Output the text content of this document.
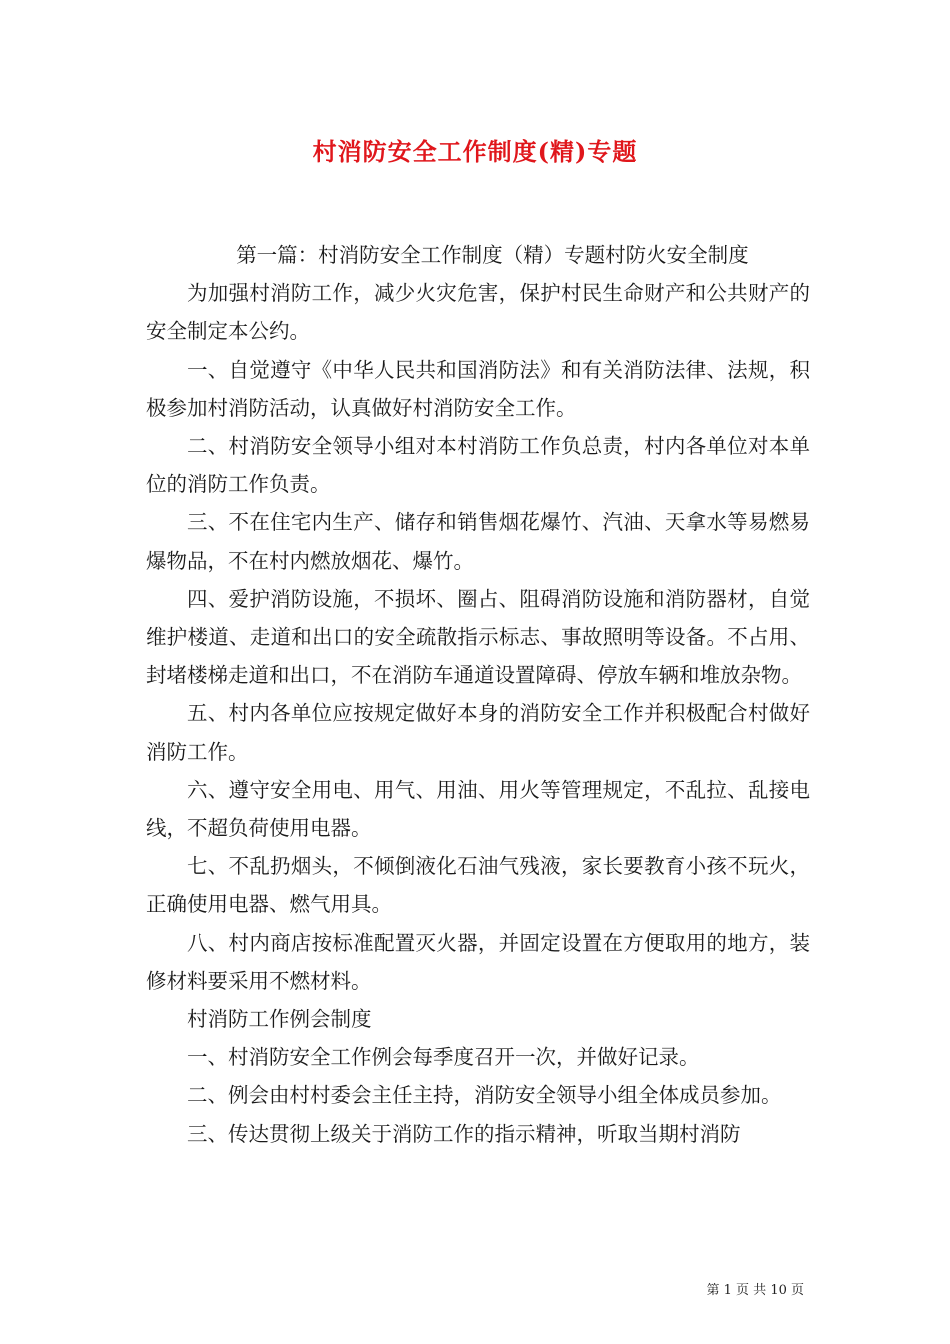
村消防安全工作制度(精)专题

第一篇：村消防安全工作制度（精）专题村防火安全制度

为加强村消防工作，减少火灾危害，保护村民生命财产和公共财产的安全制定本公约。

一、自觉遵守《中华人民共和国消防法》和有关消防法律、法规，积极参加村消防活动，认真做好村消防安全工作。

二、村消防安全领导小组对本村消防工作负总责，村内各单位对本单位的消防工作负责。

三、不在住宅内生产、储存和销售烟花爆竹、汽油、天拿水等易燃易爆物品，不在村内燃放烟花、爆竹。

四、爱护消防设施，不损坏、圈占、阻碍消防设施和消防器材，自觉维护楼道、走道和出口的安全疏散指示标志、事故照明等设备。不占用、封堵楼梯走道和出口，不在消防车通道设置障碍、停放车辆和堆放杂物。

五、村内各单位应按规定做好本身的消防安全工作并积极配合村做好消防工作。

六、遵守安全用电、用气、用油、用火等管理规定，不乱拉、乱接电线，不超负荷使用电器。

七、不乱扔烟头，不倾倒液化石油气残液，家长要教育小孩不玩火，正确使用电器、燃气用具。

八、村内商店按标准配置灭火器，并固定设置在方便取用的地方，装修材料要采用不燃材料。

村消防工作例会制度

一、村消防安全工作例会每季度召开一次，并做好记录。

二、例会由村村委会主任主持，消防安全领导小组全体成员参加。

三、传达贯彻上级关于消防工作的指示精神，听取当期村消防

第 1 页 共 10 页
